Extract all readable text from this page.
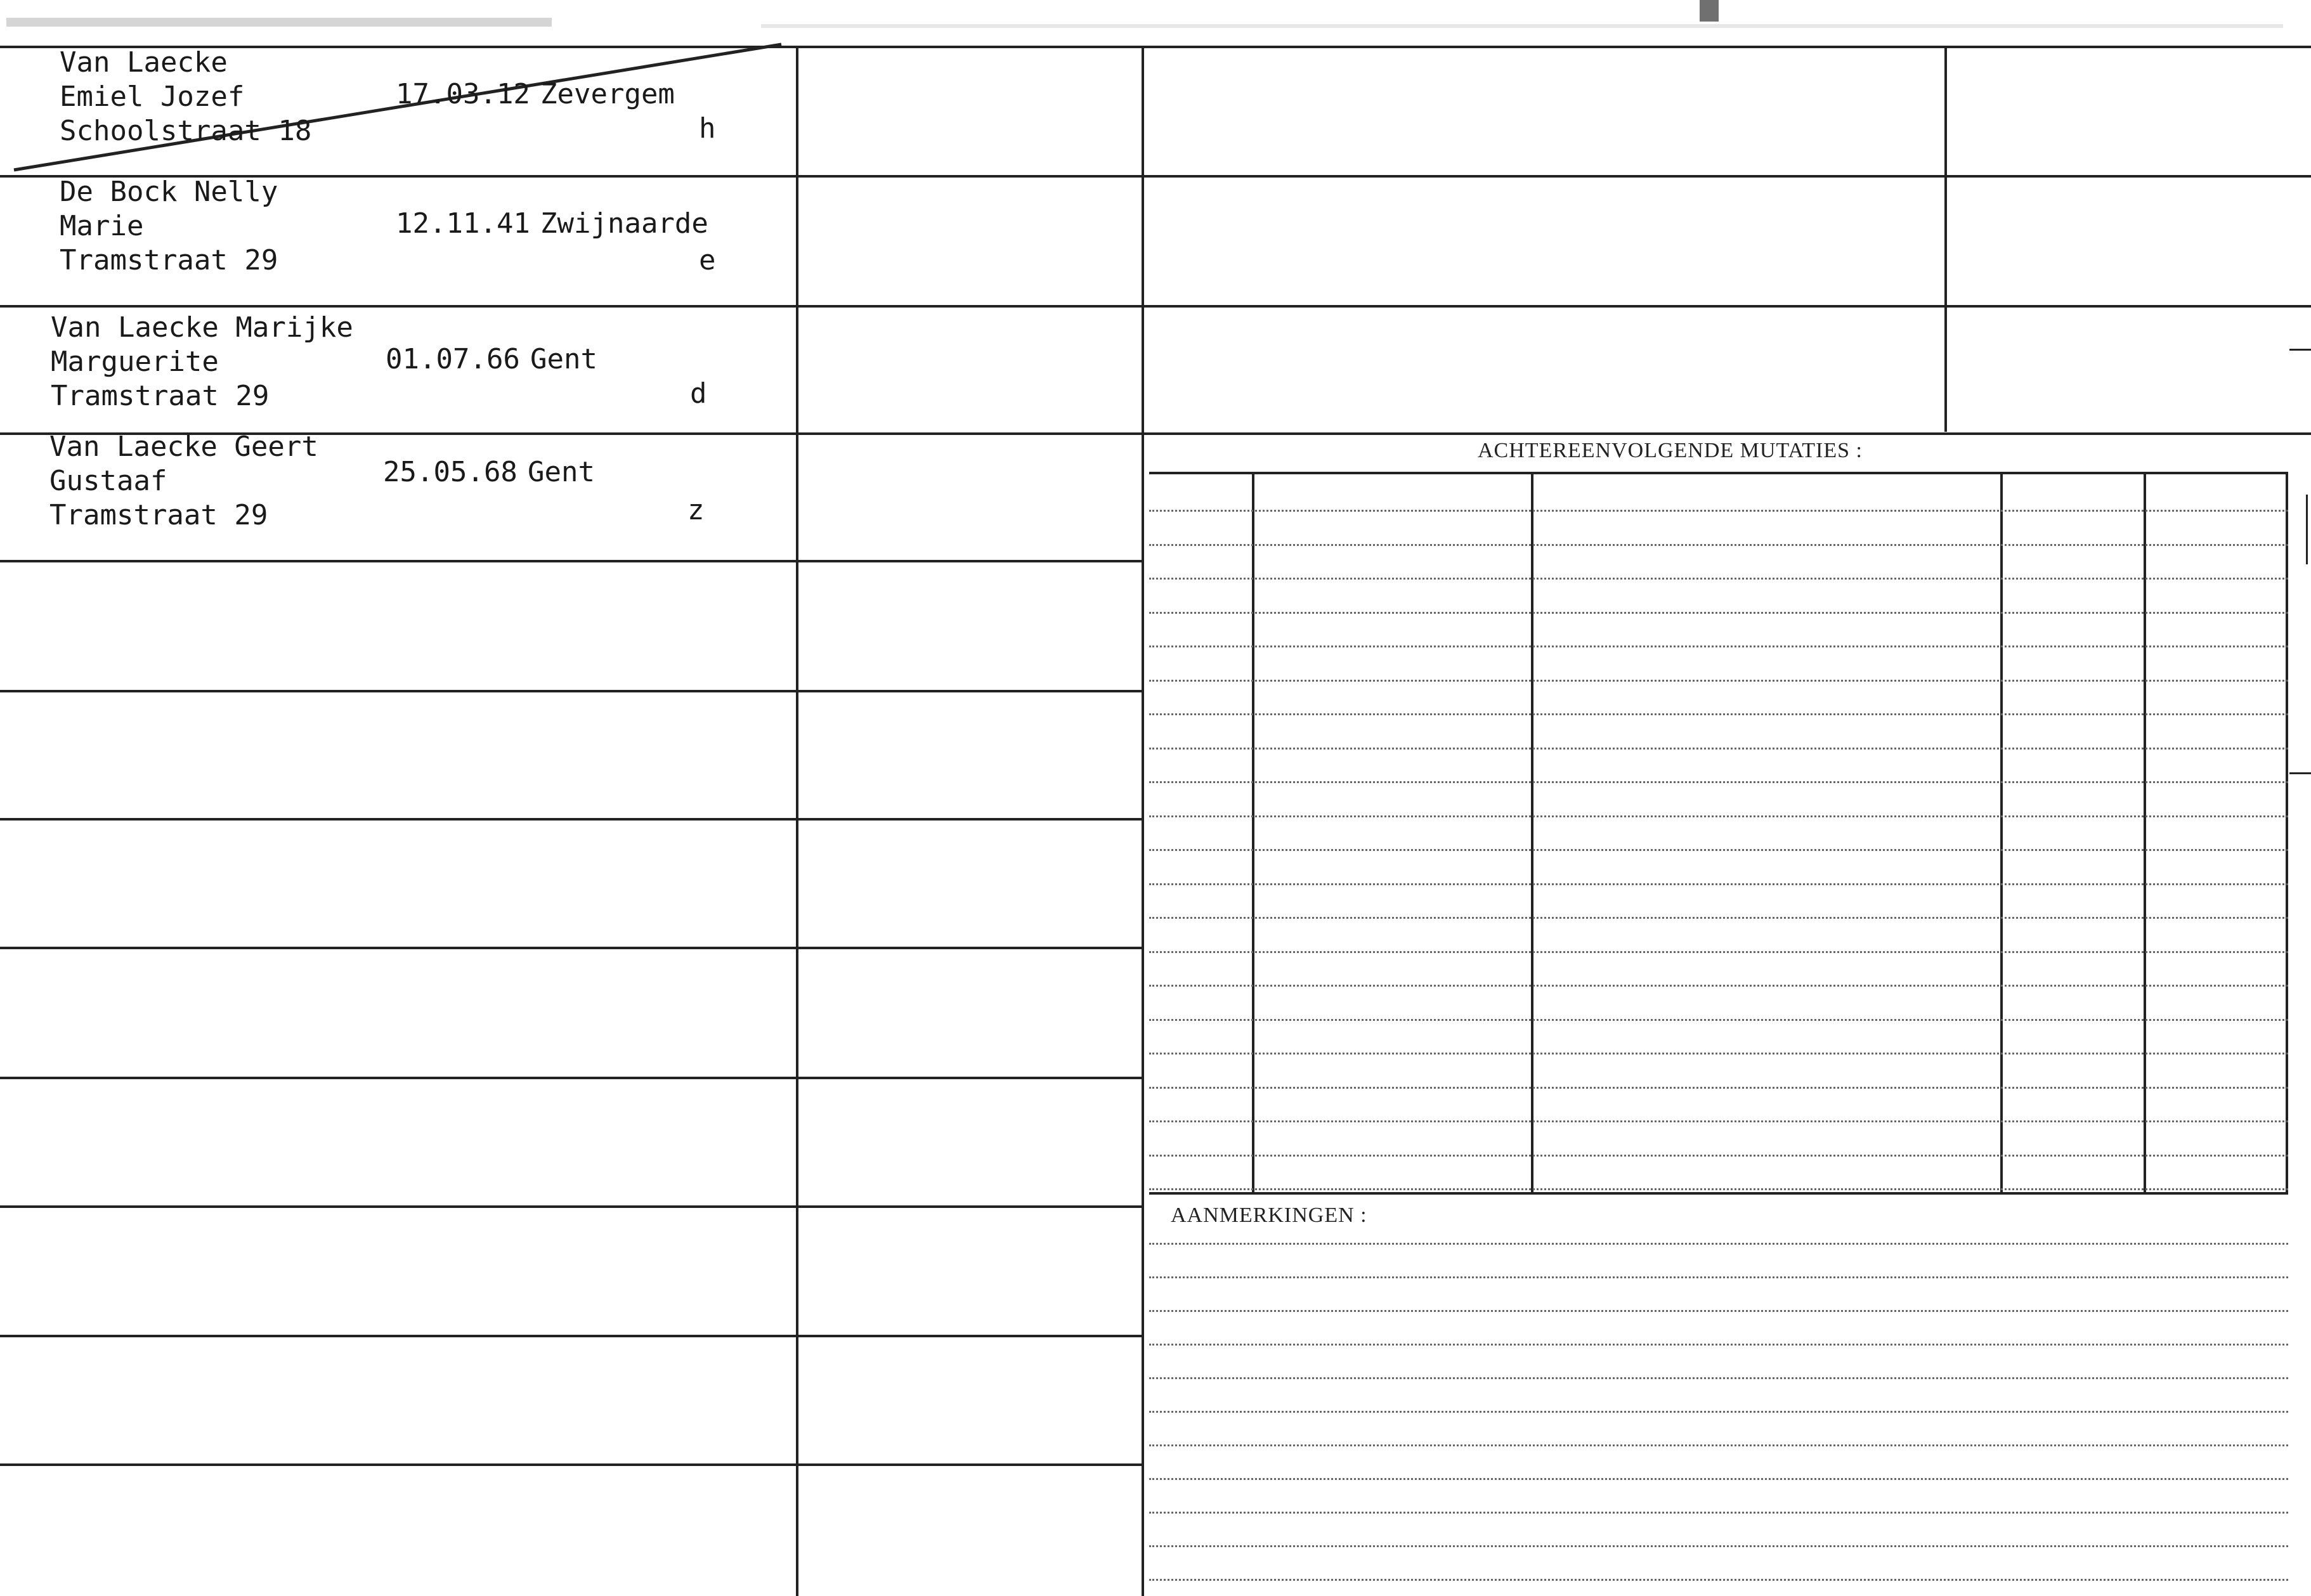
Van Laecke
Emiel Jozef
Schoolstraat 18
17.03.12 Zevergem
h
De Bock Nelly
Marie
Tramstraat 29
12.11.41 Zwijnaarde
e
Van Laecke Marijke
Marguerite
Tramstraat 29
01.07.66 Gent
d
Van Laecke Geert
Gustaaf
Tramstraat 29
25.05.68 Gent
z
ACHTEREENVOLGENDE MUTATIES :
AANMERKINGEN :
